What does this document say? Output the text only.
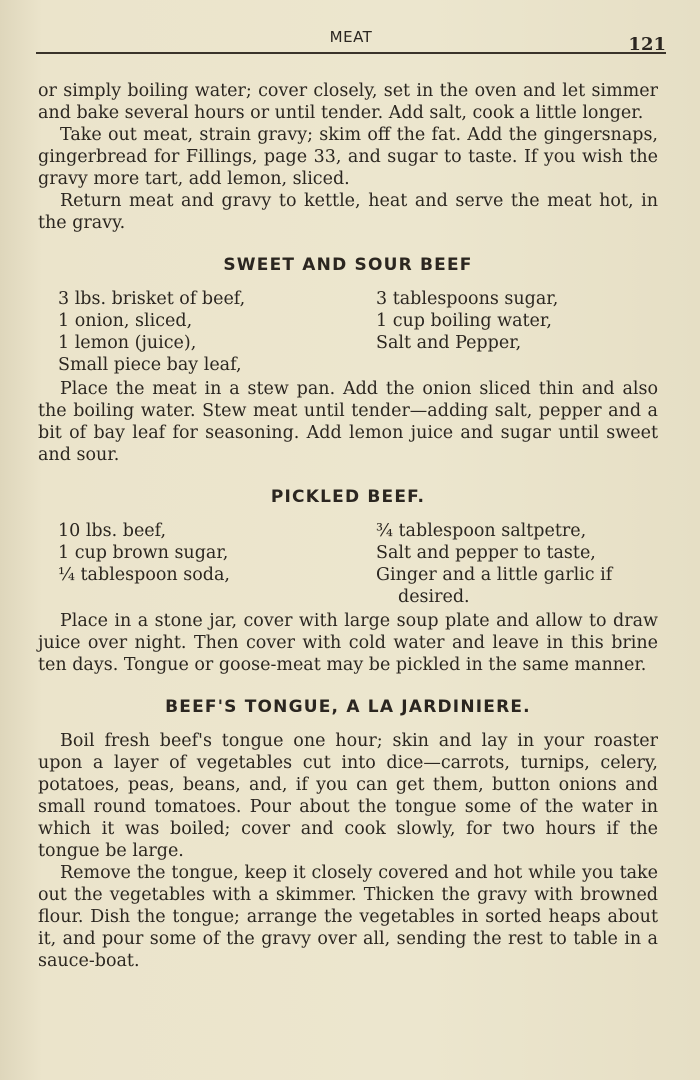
MEAT	121

or simply boiling water; cover closely, set in the oven and let simmer and bake several hours or until tender. Add salt, cook a little longer.

Take out meat, strain gravy; skim off the fat. Add the gingersnaps, gingerbread for Fillings, page 33, and sugar to taste. If you wish the gravy more tart, add lemon, sliced.

Return meat and gravy to kettle, heat and serve the meat hot, in the gravy.

SWEET AND SOUR BEEF
3 lbs. brisket of beef,
1 onion, sliced,
1 lemon (juice),
Small piece bay leaf,
3 tablespoons sugar,
1 cup boiling water,
Salt and Pepper,

Place the meat in a stew pan. Add the onion sliced thin and also the boiling water. Stew meat until tender—adding salt, pepper and a bit of bay leaf for seasoning. Add lemon juice and sugar until sweet and sour.

PICKLED BEEF.
10 lbs. beef,
1 cup brown sugar,
¼ tablespoon soda,
¾ tablespoon saltpetre,
Salt and pepper to taste,
Ginger and a little garlic if
desired.

Place in a stone jar, cover with large soup plate and allow to draw juice over night. Then cover with cold water and leave in this brine ten days. Tongue or goose-meat may be pickled in the same manner.

BEEF'S TONGUE, A LA JARDINIERE.

Boil fresh beef's tongue one hour; skin and lay in your roaster upon a layer of vegetables cut into dice—carrots, turnips, celery, potatoes, peas, beans, and, if you can get them, button onions and small round tomatoes. Pour about the tongue some of the water in which it was boiled; cover and cook slowly, for two hours if the tongue be large.

Remove the tongue, keep it closely covered and hot while you take out the vegetables with a skimmer. Thicken the gravy with browned flour. Dish the tongue; arrange the vegetables in sorted heaps about it, and pour some of the gravy over all, sending the rest to table in a sauce-boat.
